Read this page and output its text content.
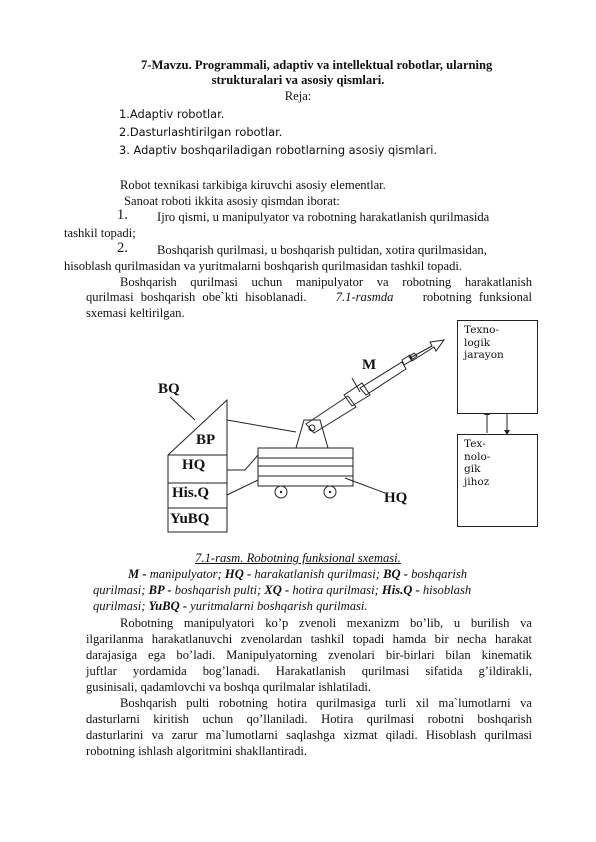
7-Mavzu. Programmali, adaptiv va intellektual robotlar, ularning
strukturalari va asosiy qismlari.
Reja:
1.Adaptiv robotlar.
2.Dasturlashtirilgan robotlar.
3. Adaptiv boshqariladigan robotlarning asosiy qismlari.
Robot texnikasi tarkibiga kiruvchi asosiy elementlar.
Sanoat roboti ikkita asosiy qismdan iborat:
1. Ijro qismi, u manipulyator va robotning harakatlanish qurilmasida
tashkil topadi;
2. Boshqarish qurilmasi, u boshqarish pultidan, xotira qurilmasidan,
hisoblash qurilmasidan va yuritmalarni boshqarish qurilmasidan tashkil topadi.
Boshqarish qurilmasi uchun manipulyator va robotning harakatlanish
qurilmasi boshqarish obe`kti hisoblanadi. 7.1-rasmda robotning funksional
sxemasi keltirilgan.
M
BQ
BP
HQ
His.Q
YuBQ
HQ
Texno-
logik
jarayon
Tex-
nolo-
gik
jihoz
7.1-rasm. Robotning funksional sxemasi.
M - manipulyator; HQ - harakatlanish qurilmasi; BQ - boshqarish
qurilmasi; BP - boshqarish pulti; XQ - hotira qurilmasi; His.Q - hisoblash
qurilmasi; YuBQ - yuritmalarni boshqarish qurilmasi.
Robotning manipulyatori ko’p zvenoli mexanizm bo’lib, u burilish va
ilgarilanma harakatlanuvchi zvenolardan tashkil topadi hamda bir necha harakat
darajasiga ega bo’ladi. Manipulyatorning zvenolari bir-birlari bilan kinematik
juftlar yordamida bog’lanadi. Harakatlanish qurilmasi sifatida g’ildirakli,
gusinisali, qadamlovchi va boshqa qurilmalar ishlatiladi.
Boshqarish pulti robotning hotira qurilmasiga turli xil ma`lumotlarni va
dasturlarni kiritish uchun qo’llaniladi. Hotira qurilmasi robotni boshqarish
dasturlarini va zarur ma`lumotlarni saqlashga xizmat qiladi. Hisoblash qurilmasi
robotning ishlash algoritmini shakllantiradi.
